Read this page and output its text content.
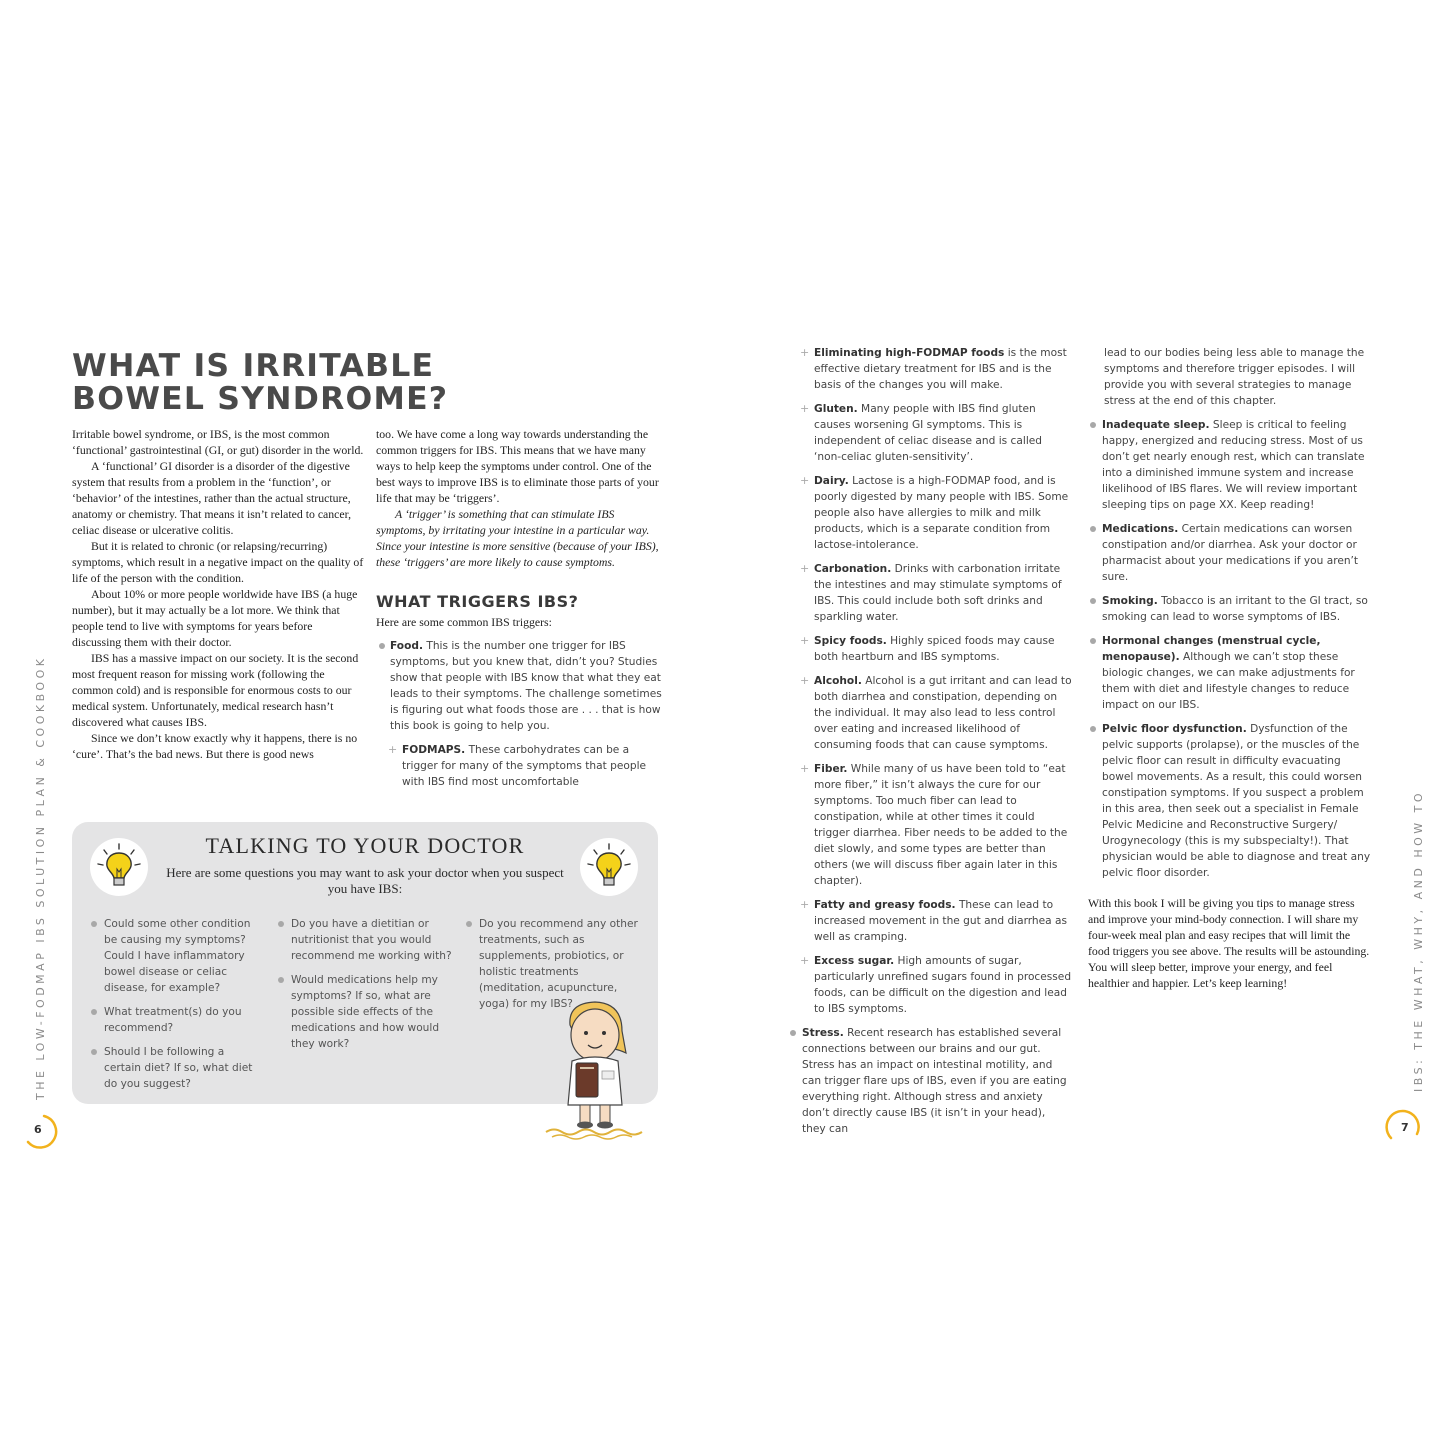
WHAT IS IRRITABLE
BOWEL SYNDROME?

Irritable bowel syndrome, or IBS, is the most common ‘functional’ gastrointestinal (GI, or gut) disorder in the world.

A ‘functional’ GI disorder is a disorder of the digestive system that results from a problem in the ‘function’, or ‘behavior’ of the intestines, rather than the actual structure, anatomy or chemistry. That means it isn’t related to cancer, celiac disease or ulcerative colitis.

But it is related to chronic (or relapsing/recurring) symptoms, which result in a negative impact on the quality of life of the person with the condition.

About 10% or more people worldwide have IBS (a huge number), but it may actually be a lot more. We think that people tend to live with symptoms for years before discussing them with their doctor.

IBS has a massive impact on our society. It is the second most frequent reason for missing work (following the common cold) and is responsible for enormous costs to our medical system. Unfortunately, medical research hasn’t discovered what causes IBS.

Since we don’t know exactly why it happens, there is no ‘cure’. That’s the bad news. But there is good news

too. We have come a long way towards understanding the common triggers for IBS. This means that we have many ways to help keep the symptoms under control. One of the best ways to improve IBS is to eliminate those parts of your life that may be ‘triggers’.

A ‘trigger’ is something that can stimulate IBS symptoms, by irritating your intestine in a particular way. Since your intestine is more sensitive (because of your IBS), these ‘triggers’ are more likely to cause symptoms.

WHAT TRIGGERS IBS?

Here are some common IBS triggers:

Food. This is the number one trigger for IBS symptoms, but you knew that, didn’t you? Studies show that people with IBS know that what they eat leads to their symptoms. The challenge sometimes is figuring out what foods those are . . . that is how this book is going to help you.
+ FODMAPS. These carbohydrates can be a trigger for many of the symptoms that people with IBS find most uncomfortable
TALKING TO YOUR DOCTOR
Here are some questions you may want to ask your doctor when you suspect you have IBS:
Could some other condition be causing my symptoms? Could I have inflammatory bowel disease or celiac disease, for example?
What treatment(s) do you recommend?
Should I be following a certain diet? If so, what diet do you suggest?
Do you have a dietitian or nutritionist that you would recommend me working with?
Would medications help my symptoms? If so, what are possible side effects of the medications and how would they work?
Do you recommend any other treatments, such as supplements, probiotics, or holistic treatments (meditation, acupuncture, yoga) for my IBS?
THE LOW-FODMAP IBS SOLUTION PLAN & COOKBOOK
6
+ Eliminating high-FODMAP foods is the most effective dietary treatment for IBS and is the basis of the changes you will make.
+ Gluten. Many people with IBS find gluten causes worsening GI symptoms. This is independent of celiac disease and is called ‘non-celiac gluten-sensitivity’.
+ Dairy. Lactose is a high-FODMAP food, and is poorly digested by many people with IBS. Some people also have allergies to milk and milk products, which is a separate condition from lactose-intolerance.
+ Carbonation. Drinks with carbonation irritate the intestines and may stimulate symptoms of IBS. This could include both soft drinks and sparkling water.
+ Spicy foods. Highly spiced foods may cause both heartburn and IBS symptoms.
+ Alcohol. Alcohol is a gut irritant and can lead to both diarrhea and constipation, depending on the individual. It may also lead to less control over eating and increased likelihood of consuming foods that can cause symptoms.
+ Fiber. While many of us have been told to “eat more fiber,” it isn’t always the cure for our symptoms. Too much fiber can lead to constipation, while at other times it could trigger diarrhea. Fiber needs to be added to the diet slowly, and some types are better than others (we will discuss fiber again later in this chapter).
+ Fatty and greasy foods. These can lead to increased movement in the gut and diarrhea as well as cramping.
+ Excess sugar. High amounts of sugar, particularly unrefined sugars found in processed foods, can be difficult on the digestion and lead to IBS symptoms.
Stress. Recent research has established several connections between our brains and our gut. Stress has an impact on intestinal motility, and can trigger flare ups of IBS, even if you are eating everything right. Although stress and anxiety don’t directly cause IBS (it isn’t in your head), they can
lead to our bodies being less able to manage the symptoms and therefore trigger episodes. I will provide you with several strategies to manage stress at the end of this chapter.
Inadequate sleep. Sleep is critical to feeling happy, energized and reducing stress. Most of us don’t get nearly enough rest, which can translate into a diminished immune system and increase likelihood of IBS flares. We will review important sleeping tips on page XX. Keep reading!
Medications. Certain medications can worsen constipation and/or diarrhea. Ask your doctor or pharmacist about your medications if you aren’t sure.
Smoking. Tobacco is an irritant to the GI tract, so smoking can lead to worse symptoms of IBS.
Hormonal changes (menstrual cycle, menopause). Although we can’t stop these biologic changes, we can make adjustments for them with diet and lifestyle changes to reduce impact on our IBS.
Pelvic floor dysfunction. Dysfunction of the pelvic supports (prolapse), or the muscles of the pelvic floor can result in difficulty evacuating bowel movements. As a result, this could worsen constipation symptoms. If you suspect a problem in this area, then seek out a specialist in Female Pelvic Medicine and Reconstructive Surgery/ Urogynecology (this is my subspecialty!). That physician would be able to diagnose and treat any pelvic floor disorder.
With this book I will be giving you tips to manage stress and improve your mind-body connection. I will share my four-week meal plan and easy recipes that will limit the food triggers you see above. The results will be astounding. You will sleep better, improve your energy, and feel healthier and happier. Let’s keep learning!	IBS: THE WHAT, WHY, AND HOW TO
7
